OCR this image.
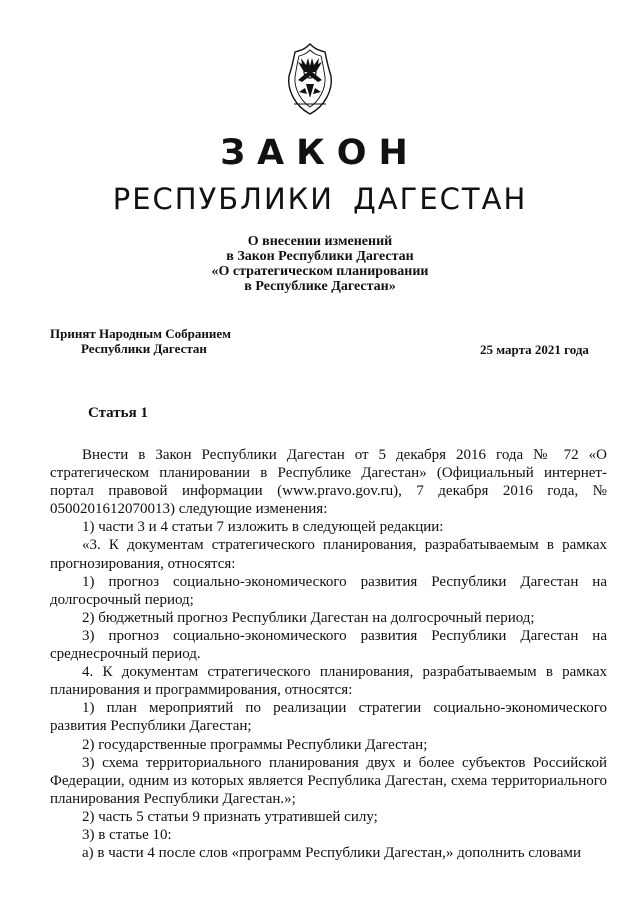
ЗАКОН
РЕСПУБЛИКИ ДАГЕСТАН
О внесении изменений
в Закон Республики Дагестан
«О стратегическом планировании
в Республике Дагестан»
Принят Народным Собранием
Республики Дагестан	25 марта 2021 года
Статья 1

Внести в Закон Республики Дагестан от 5 декабря 2016 года № 72 «О стратегическом планировании в Республике Дагестан» (Официальный интернет-портал правовой информации (www.pravo.gov.ru), 7 декабря 2016 года, № 0500201612070013) следующие изменения:

1) части 3 и 4 статьи 7 изложить в следующей редакции:

«3. К документам стратегического планирования, разрабатываемым в рамках прогнозирования, относятся:

1) прогноз социально-экономического развития Республики Дагестан на долгосрочный период;

2) бюджетный прогноз Республики Дагестан на долгосрочный период;

3) прогноз социально-экономического развития Республики Дагестан на среднесрочный период.

4. К документам стратегического планирования, разрабатываемым в рамках планирования и программирования, относятся:

1) план мероприятий по реализации стратегии социально-экономического развития Республики Дагестан;

2) государственные программы Республики Дагестан;

3) схема территориального планирования двух и более субъектов Российской Федерации, одним из которых является Республика Дагестан, схема территориального планирования Республики Дагестан.»;

2) часть 5 статьи 9 признать утратившей силу;

3) в статье 10:

а) в части 4 после слов «программ Республики Дагестан,» дополнить словами
